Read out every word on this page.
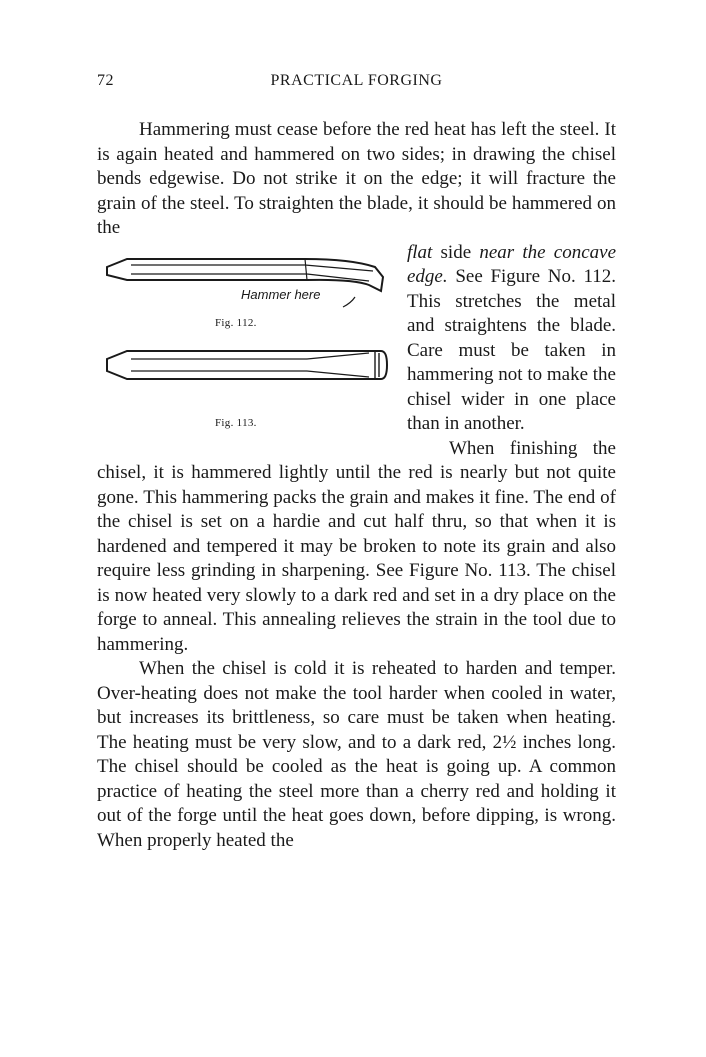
72	PRACTICAL FORGING

Hammering must cease before the red heat has left the steel. It is again heated and hammered on two sides; in drawing the chisel bends edgewise. Do not strike it on the edge; it will fracture the grain of the steel. To straighten the blade, it should be hammered on the

Hammer here
Fig. 112.
Fig. 113.

flat side near the concave edge. See Figure No. 112. This stretches the metal and straightens the blade. Care must be taken in hammering not to make the chisel wider in one place than in another.

When finishing the chisel, it is hammered lightly until the red is nearly but not quite gone. This hammering packs the grain and makes it fine. The end of the chisel is set on a hardie and cut half thru, so that when it is hardened and tempered it may be broken to note its grain and also require less grinding in sharpening. See Figure No. 113. The chisel is now heated very slowly to a dark red and set in a dry place on the forge to anneal. This annealing relieves the strain in the tool due to hammering.

When the chisel is cold it is reheated to harden and temper. Over-heating does not make the tool harder when cooled in water, but increases its brittleness, so care must be taken when heating. The heating must be very slow, and to a dark red, 2½ inches long. The chisel should be cooled as the heat is going up. A common practice of heating the steel more than a cherry red and holding it out of the forge until the heat goes down, before dipping, is wrong. When properly heated the
